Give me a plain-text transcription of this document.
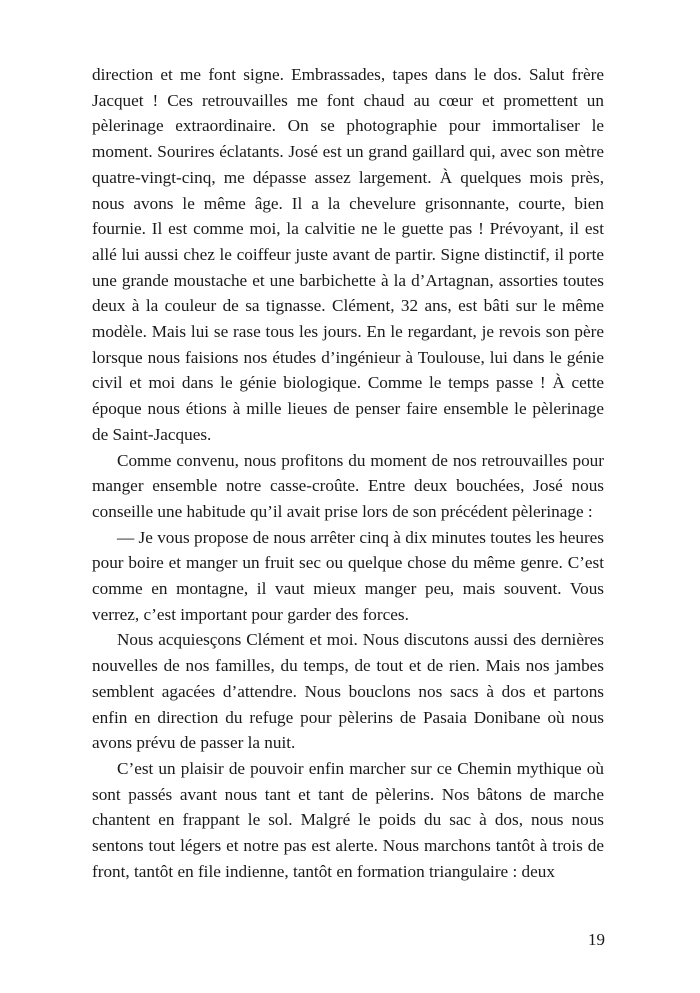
direction et me font signe. Embrassades, tapes dans le dos. Salut frère Jacquet ! Ces retrouvailles me font chaud au cœur et promettent un pèlerinage extraordinaire. On se photographie pour immortaliser le moment. Sourires éclatants. José est un grand gaillard qui, avec son mètre quatre-vingt-cinq, me dépasse assez largement. À quelques mois près, nous avons le même âge. Il a la chevelure grisonnante, courte, bien fournie. Il est comme moi, la calvitie ne le guette pas ! Prévoyant, il est allé lui aussi chez le coiffeur juste avant de partir. Signe distinctif, il porte une grande moustache et une barbichette à la d’Artagnan, assorties toutes deux à la couleur de sa tignasse. Clément, 32 ans, est bâti sur le même modèle. Mais lui se rase tous les jours. En le regardant, je revois son père lorsque nous faisions nos études d’ingénieur à Toulouse, lui dans le génie civil et moi dans le génie biologique. Comme le temps passe ! À cette époque nous étions à mille lieues de penser faire ensemble le pèlerinage de Saint-Jacques.

Comme convenu, nous profitons du moment de nos retrouvailles pour manger ensemble notre casse-croûte. Entre deux bouchées, José nous conseille une habitude qu’il avait prise lors de son précédent pèlerinage :

— Je vous propose de nous arrêter cinq à dix minutes toutes les heures pour boire et manger un fruit sec ou quelque chose du même genre. C’est comme en montagne, il vaut mieux manger peu, mais souvent. Vous verrez, c’est important pour garder des forces.

Nous acquiesçons Clément et moi. Nous discutons aussi des dernières nouvelles de nos familles, du temps, de tout et de rien. Mais nos jambes semblent agacées d’attendre. Nous bouclons nos sacs à dos et partons enfin en direction du refuge pour pèlerins de Pasaia Donibane où nous avons prévu de passer la nuit.

C’est un plaisir de pouvoir enfin marcher sur ce Chemin mythique où sont passés avant nous tant et tant de pèlerins. Nos bâtons de marche chantent en frappant le sol. Malgré le poids du sac à dos, nous nous sentons tout légers et notre pas est alerte. Nous marchons tantôt à trois de front, tantôt en file indienne, tantôt en formation triangulaire : deux

19
